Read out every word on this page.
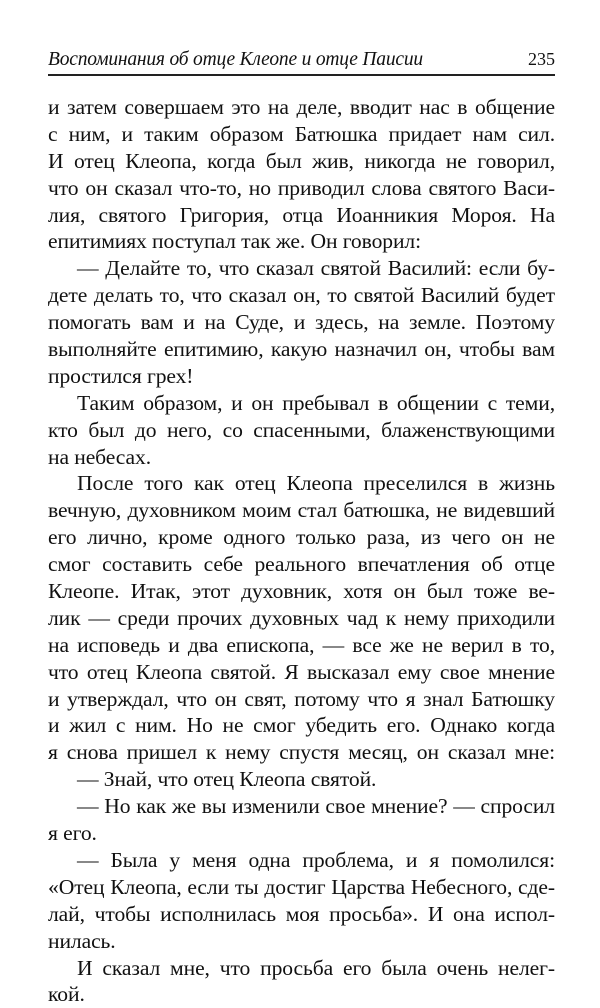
Воспоминания об отце Клеопе и отце Паисии	235
и затем совершаем это на деле, вводит нас в общение
с ним, и таким образом Батюшка придает нам сил.
И отец Клеопа, когда был жив, никогда не говорил,
что он сказал что-то, но приводил слова святого Васи-
лия, святого Григория, отца Иоанникия Мороя. На
епитимиях поступал так же. Он говорил:
— Делайте то, что сказал святой Василий: если бу-
дете делать то, что сказал он, то святой Василий будет
помогать вам и на Суде, и здесь, на земле. Поэтому
выполняйте епитимию, какую назначил он, чтобы вам
простился грех!
Таким образом, и он пребывал в общении с теми,
кто был до него, со спасенными, блаженствующими
на небесах.
После того как отец Клеопа преселился в жизнь
вечную, духовником моим стал батюшка, не видевший
его лично, кроме одного только раза, из чего он не
смог составить себе реального впечатления об отце
Клеопе. Итак, этот духовник, хотя он был тоже ве-
лик — среди прочих духовных чад к нему приходили
на исповедь и два епископа, — все же не верил в то,
что отец Клеопа святой. Я высказал ему свое мнение
и утверждал, что он свят, потому что я знал Батюшку
и жил с ним. Но не смог убедить его. Однако когда
я снова пришел к нему спустя месяц, он сказал мне:
— Знай, что отец Клеопа святой.
— Но как же вы изменили свое мнение? — спросил
я его.
— Была у меня одна проблема, и я помолился:
«Отец Клеопа, если ты достиг Царства Небесного, сде-
лай, чтобы исполнилась моя просьба». И она испол-
нилась.
И сказал мне, что просьба его была очень нелег-
кой.
